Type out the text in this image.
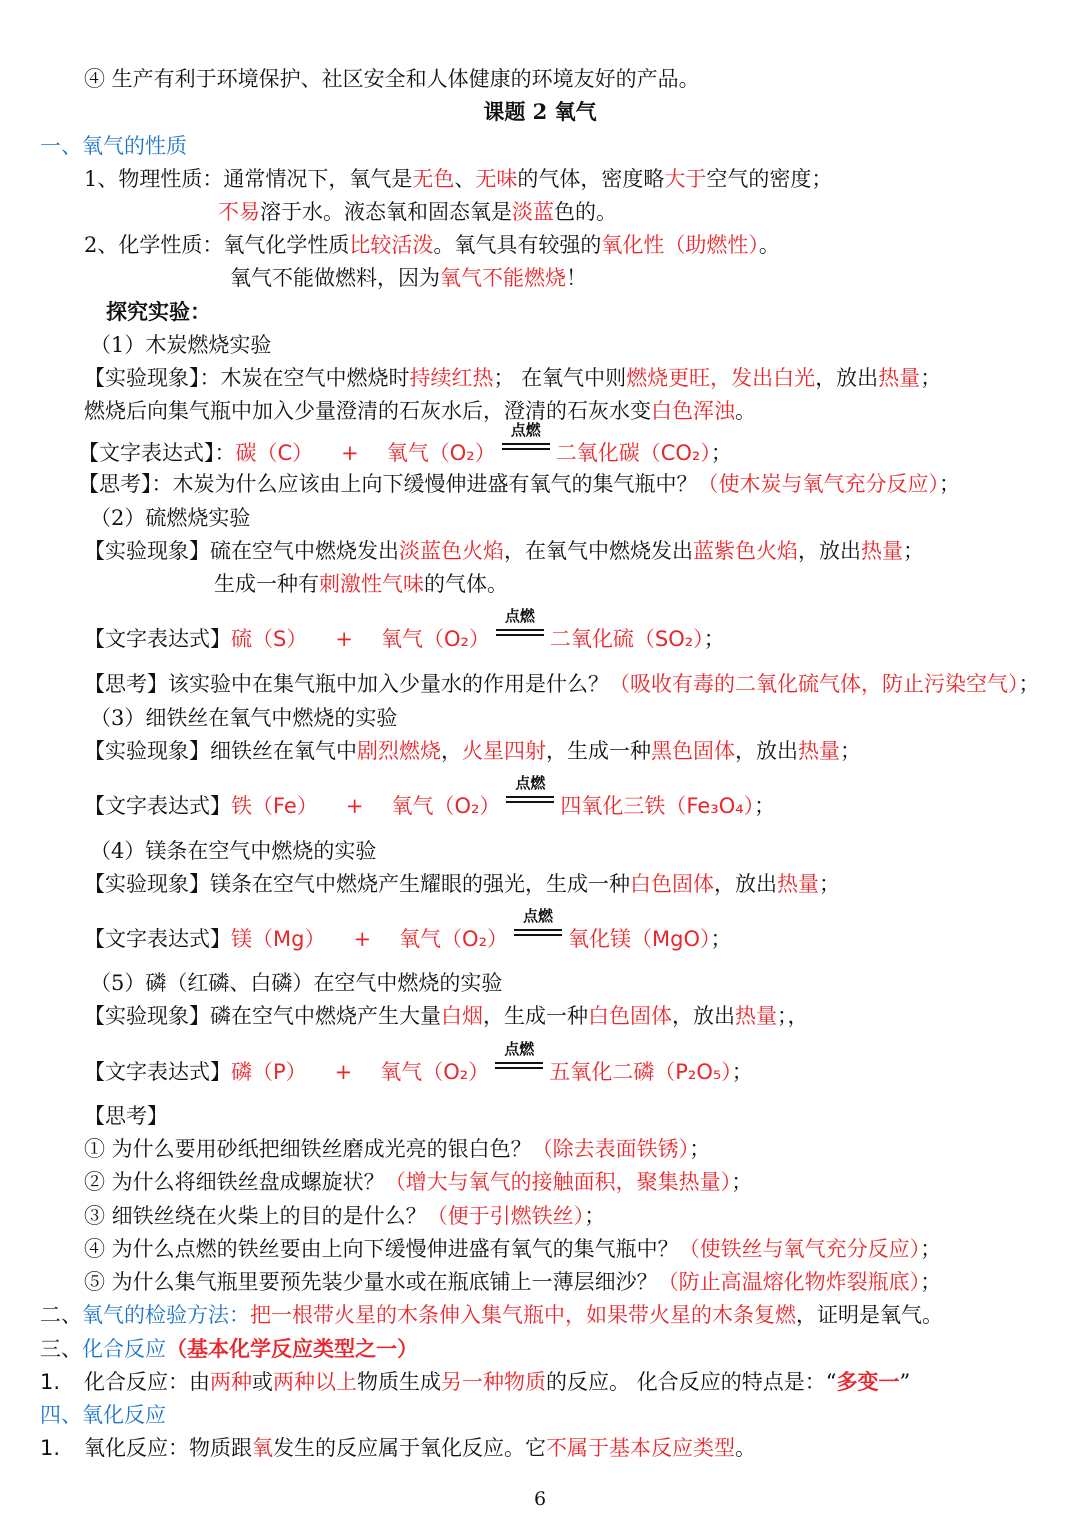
④ 生产有利于环境保护、社区安全和人体健康的环境友好的产品。
课题 2 氧气
一、氧气的性质
1、物理性质：通常情况下，氧气是无色、无味的气体，密度略大于空气的密度；
不易溶于水。液态氧和固态氧是淡蓝色的。
2、化学性质：氧气化学性质比较活泼。氧气具有较强的氧化性（助燃性）。
氧气不能做燃料，因为氧气不能燃烧！
探究实验：
（1）木炭燃烧实验
【实验现象】：木炭在空气中燃烧时持续红热； 在氧气中则燃烧更旺，发出白光，放出热量；
燃烧后向集气瓶中加入少量澄清的石灰水后，澄清的石灰水变白色浑浊。
【文字表达式】：碳（C） + 氧气（O₂）
点燃
二氧化碳（CO₂）；
【思考】：木炭为什么应该由上向下缓慢伸进盛有氧气的集气瓶中？（使木炭与氧气充分反应）；
（2）硫燃烧实验
【实验现象】硫在空气中燃烧发出淡蓝色火焰，在氧气中燃烧发出蓝紫色火焰，放出热量；
生成一种有刺激性气味的气体。
【文字表达式】硫（S） + 氧气（O₂）
点燃
二氧化硫（SO₂）；
【思考】该实验中在集气瓶中加入少量水的作用是什么？（吸收有毒的二氧化硫气体，防止污染空气）；
（3）细铁丝在氧气中燃烧的实验
【实验现象】细铁丝在氧气中剧烈燃烧，火星四射，生成一种黑色固体，放出热量；
【文字表达式】铁（Fe） + 氧气（O₂）
点燃
四氧化三铁（Fe₃O₄）；
（4）镁条在空气中燃烧的实验
【实验现象】镁条在空气中燃烧产生耀眼的强光，生成一种白色固体，放出热量；
【文字表达式】镁（Mg） + 氧气（O₂）
点燃
氧化镁（MgO）；
（5）磷（红磷、白磷）在空气中燃烧的实验
【实验现象】磷在空气中燃烧产生大量白烟，生成一种白色固体，放出热量；，
【文字表达式】磷（P） + 氧气（O₂）
点燃
五氧化二磷（P₂O₅）；
【思考】
① 为什么要用砂纸把细铁丝磨成光亮的银白色？（除去表面铁锈）；
② 为什么将细铁丝盘成螺旋状？（增大与氧气的接触面积，聚集热量）；
③ 细铁丝绕在火柴上的目的是什么？（便于引燃铁丝）；
④ 为什么点燃的铁丝要由上向下缓慢伸进盛有氧气的集气瓶中？（使铁丝与氧气充分反应）；
⑤ 为什么集气瓶里要预先装少量水或在瓶底铺上一薄层细沙？（防止高温熔化物炸裂瓶底）；
二、氧气的检验方法：把一根带火星的木条伸入集气瓶中，如果带火星的木条复燃，证明是氧气。
三、化合反应（基本化学反应类型之一）
1. 化合反应：由两种或两种以上物质生成另一种物质的反应。 化合反应的特点是：“多变一”
四、氧化反应
1. 氧化反应：物质跟氧发生的反应属于氧化反应。它不属于基本反应类型。
6
